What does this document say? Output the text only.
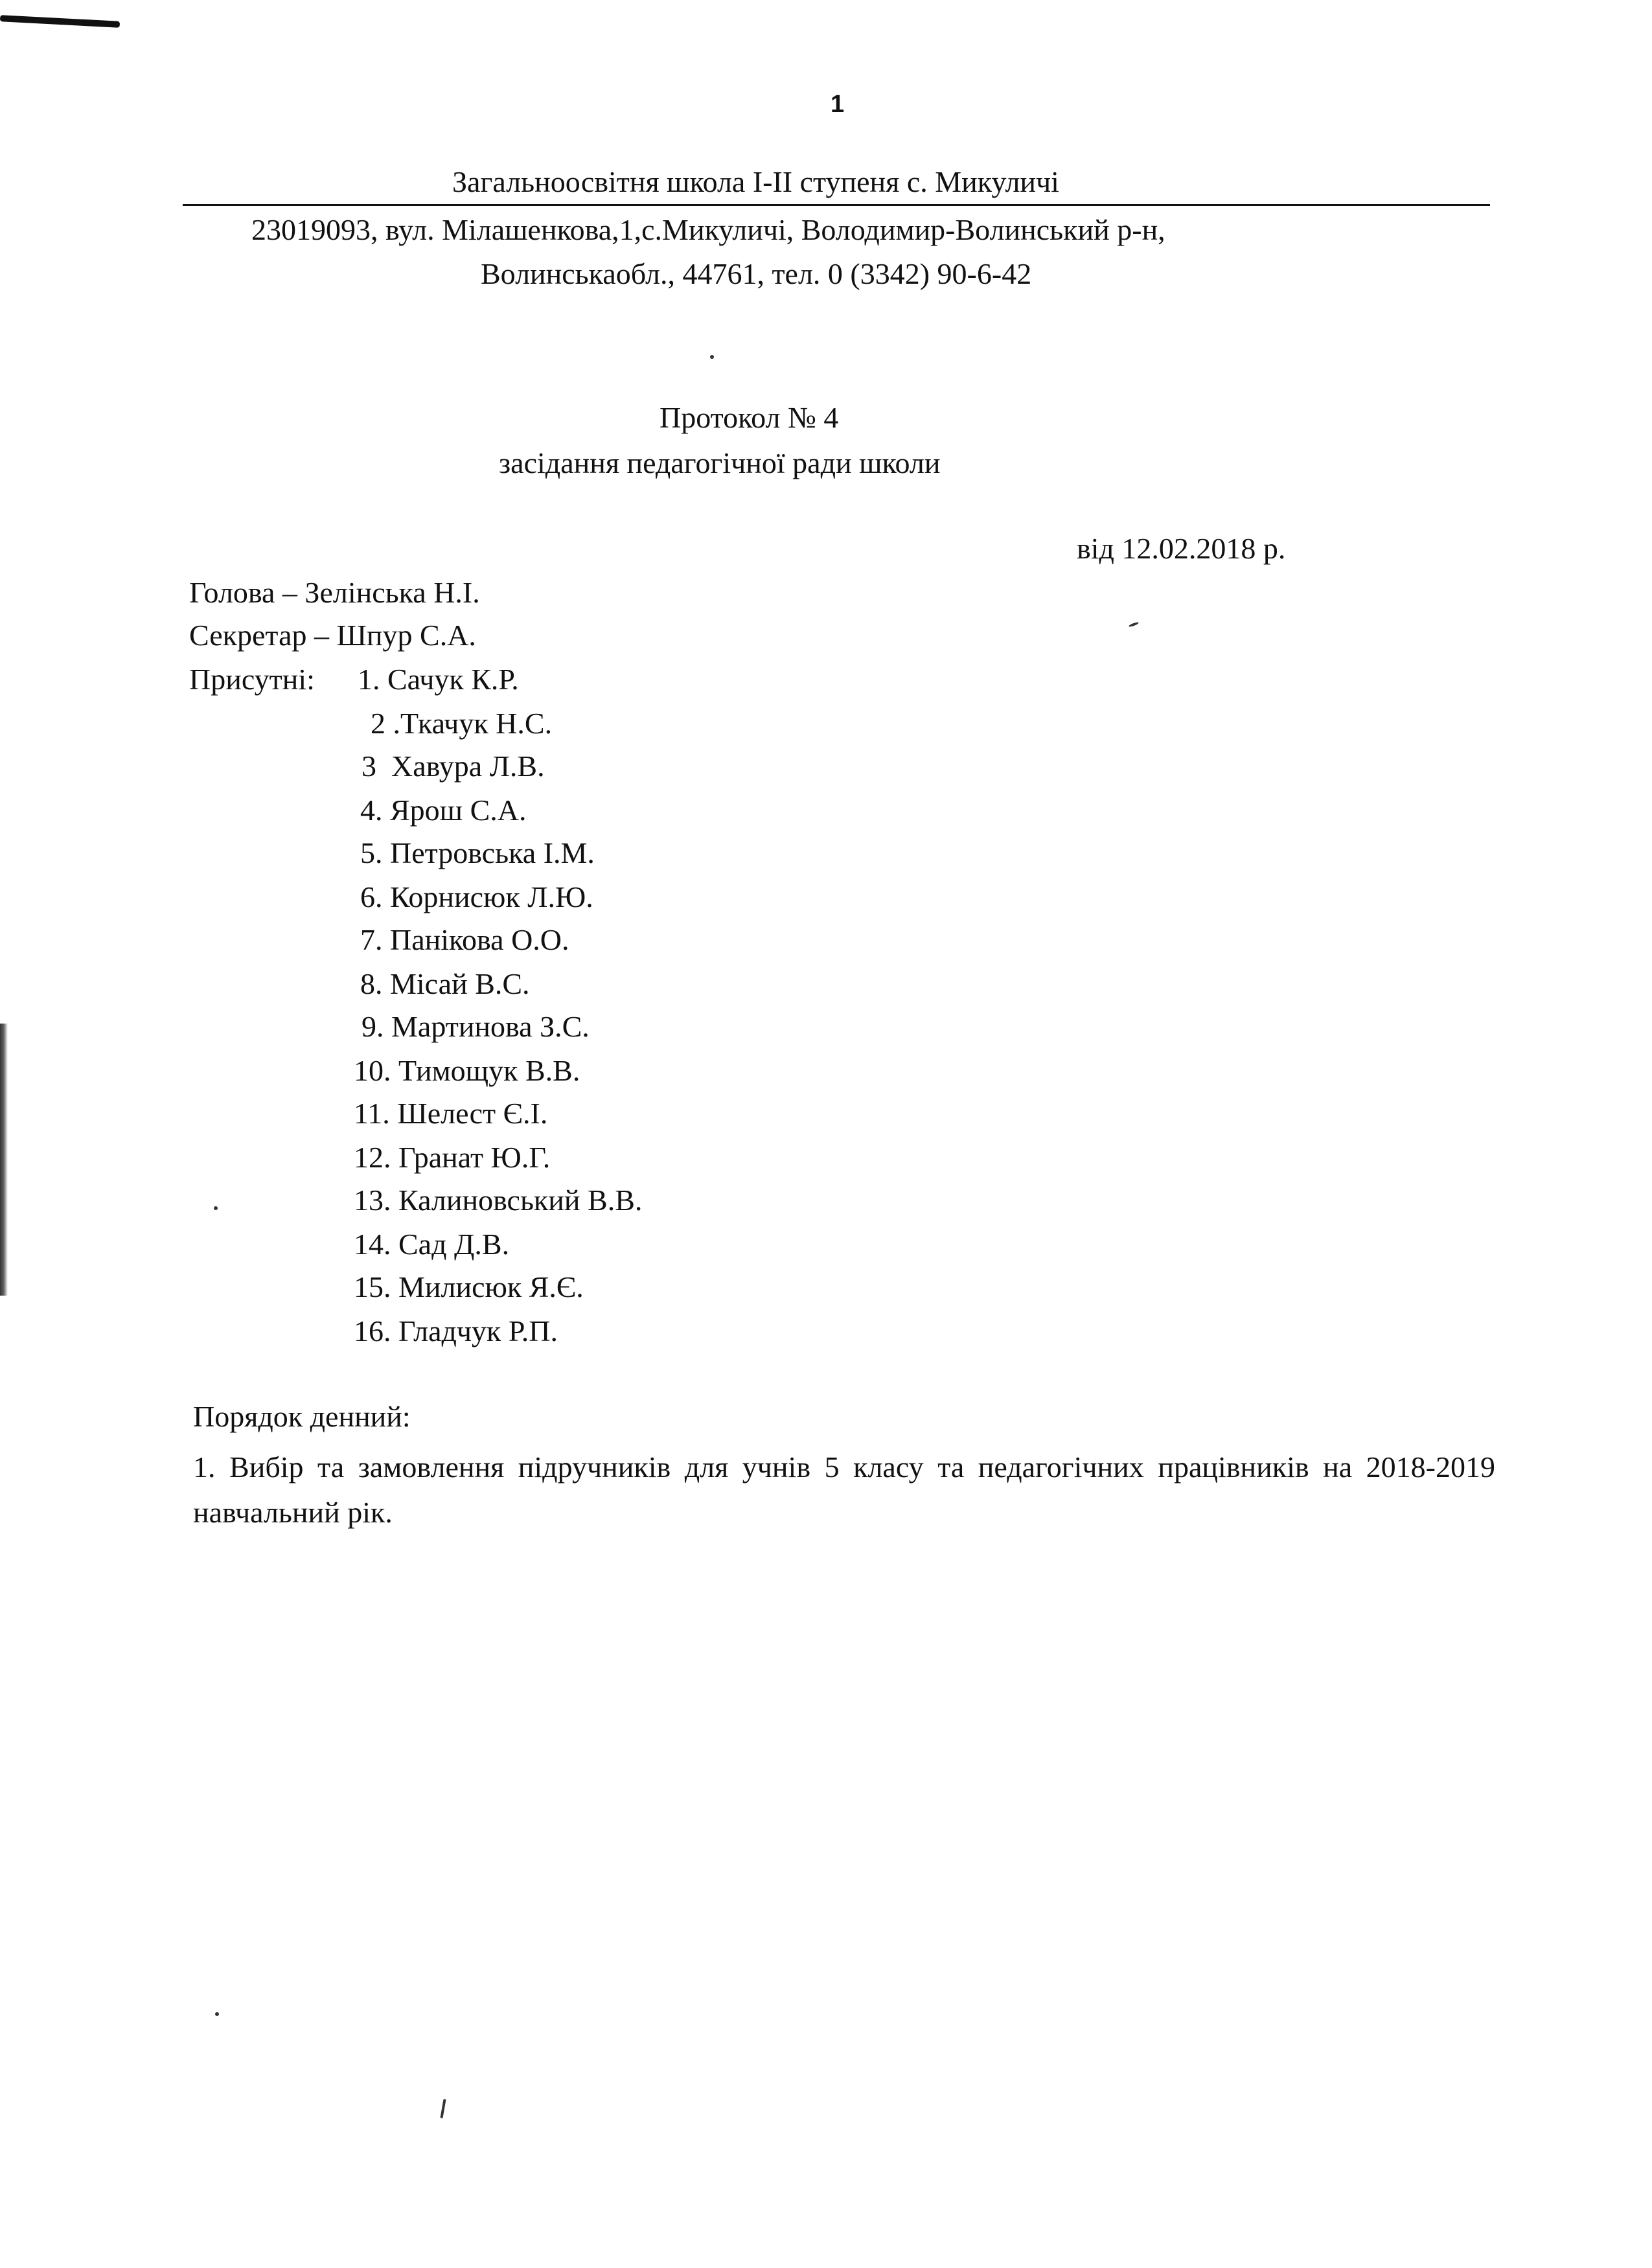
1
Загальноосвітня школа І-ІІ ступеня с. Микуличі
23019093, вул. Мілашенкова,1,с.Микуличі, Володимир-Волинський р-н,
Волинськаобл., 44761, тел. 0 (3342) 90-6-42
Протокол № 4
засідання педагогічної ради школи
від 12.02.2018 р.
Голова – Зелінська Н.І.
Секретар – Шпур С.А.
Присутні: 1. Сачук К.Р.
2 .Ткачук Н.С.
3  Хавура Л.В.
4. Ярош С.А.
5. Петровська І.М.
6. Корнисюк Л.Ю.
7. Панікова О.О.
8. Місай В.С.
9. Мартинова З.С.
10. Тимощук В.В.
11. Шелест Є.І.
12. Гранат Ю.Г.
13. Калиновський В.В.
14. Сад Д.В.
15. Милисюк Я.Є.
16. Гладчук Р.П.
Порядок денний:
1. Вибір та замовлення підручників для учнів 5 класу та педагогічних працівників на 2018-2019 навчальний рік.
